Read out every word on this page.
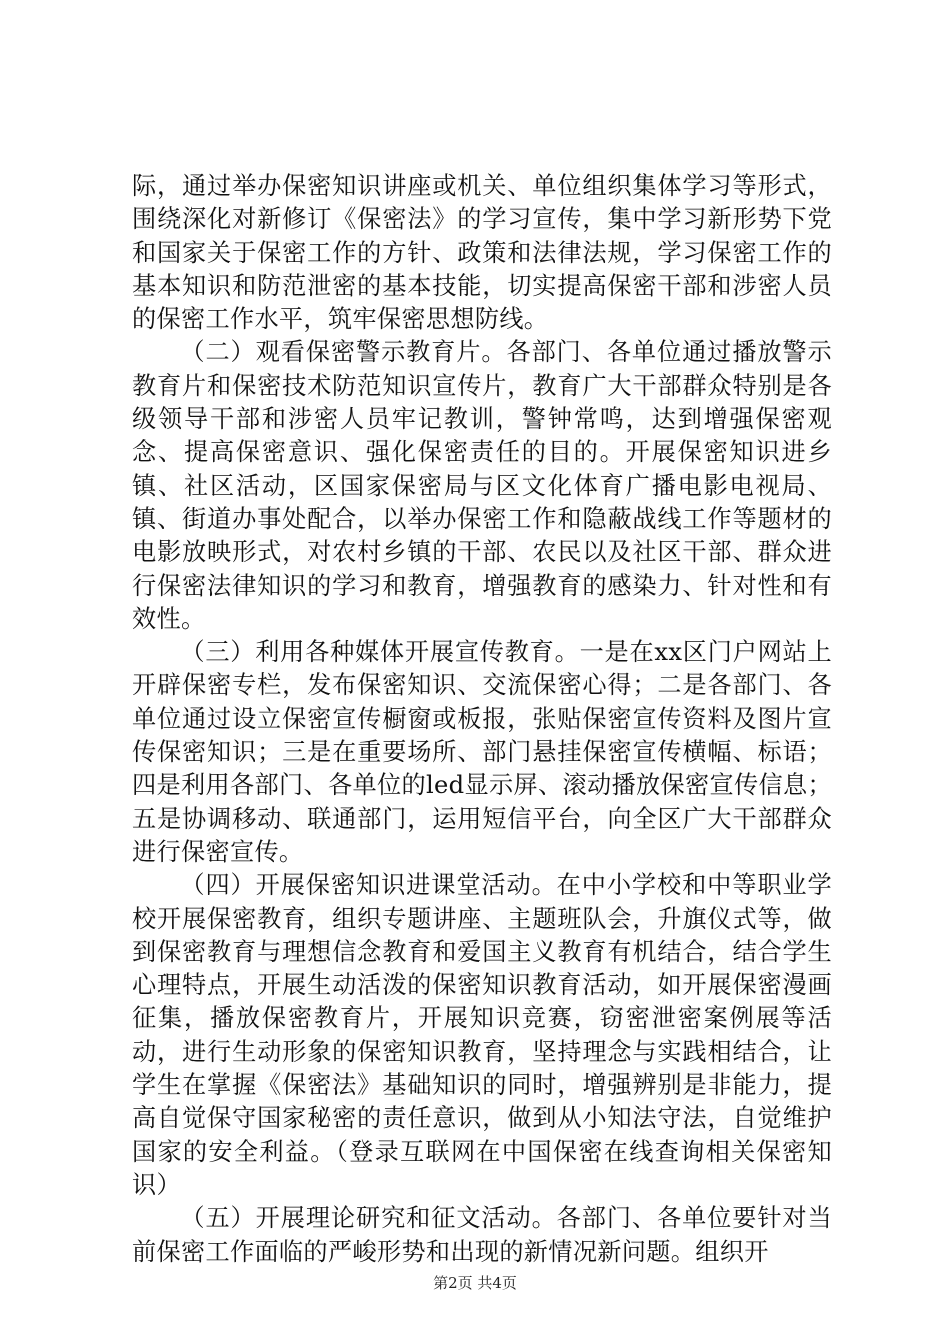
际，通过举办保密知识讲座或机关、单位组织集体学习等形式，围绕深化对新修订《保密法》的学习宣传，集中学习新形势下党和国家关于保密工作的方针、政策和法律法规，学习保密工作的基本知识和防范泄密的基本技能，切实提高保密干部和涉密人员的保密工作水平，筑牢保密思想防线。

（二）观看保密警示教育片。各部门、各单位通过播放警示教育片和保密技术防范知识宣传片，教育广大干部群众特别是各级领导干部和涉密人员牢记教训，警钟常鸣，达到增强保密观念、提高保密意识、强化保密责任的目的。开展保密知识进乡镇、社区活动，区国家保密局与区文化体育广播电影电视局、镇、街道办事处配合，以举办保密工作和隐蔽战线工作等题材的电影放映形式，对农村乡镇的干部、农民以及社区干部、群众进行保密法律知识的学习和教育，增强教育的感染力、针对性和有效性。

（三）利用各种媒体开展宣传教育。一是在xx区门户网站上开辟保密专栏，发布保密知识、交流保密心得；二是各部门、各单位通过设立保密宣传橱窗或板报，张贴保密宣传资料及图片宣传保密知识；三是在重要场所、部门悬挂保密宣传横幅、标语；四是利用各部门、各单位的led显示屏、滚动播放保密宣传信息；五是协调移动、联通部门，运用短信平台，向全区广大干部群众进行保密宣传。

（四）开展保密知识进课堂活动。在中小学校和中等职业学校开展保密教育，组织专题讲座、主题班队会，升旗仪式等，做到保密教育与理想信念教育和爱国主义教育有机结合，结合学生心理特点，开展生动活泼的保密知识教育活动，如开展保密漫画征集，播放保密教育片，开展知识竞赛，窃密泄密案例展等活动，进行生动形象的保密知识教育，坚持理念与实践相结合，让学生在掌握《保密法》基础知识的同时，增强辨别是非能力，提高自觉保守国家秘密的责任意识，做到从小知法守法，自觉维护国家的安全利益。（登录互联网在中国保密在线查询相关保密知识）

（五）开展理论研究和征文活动。各部门、各单位要针对当前保密工作面临的严峻形势和出现的新情况新问题。组织开

第2页 共4页
